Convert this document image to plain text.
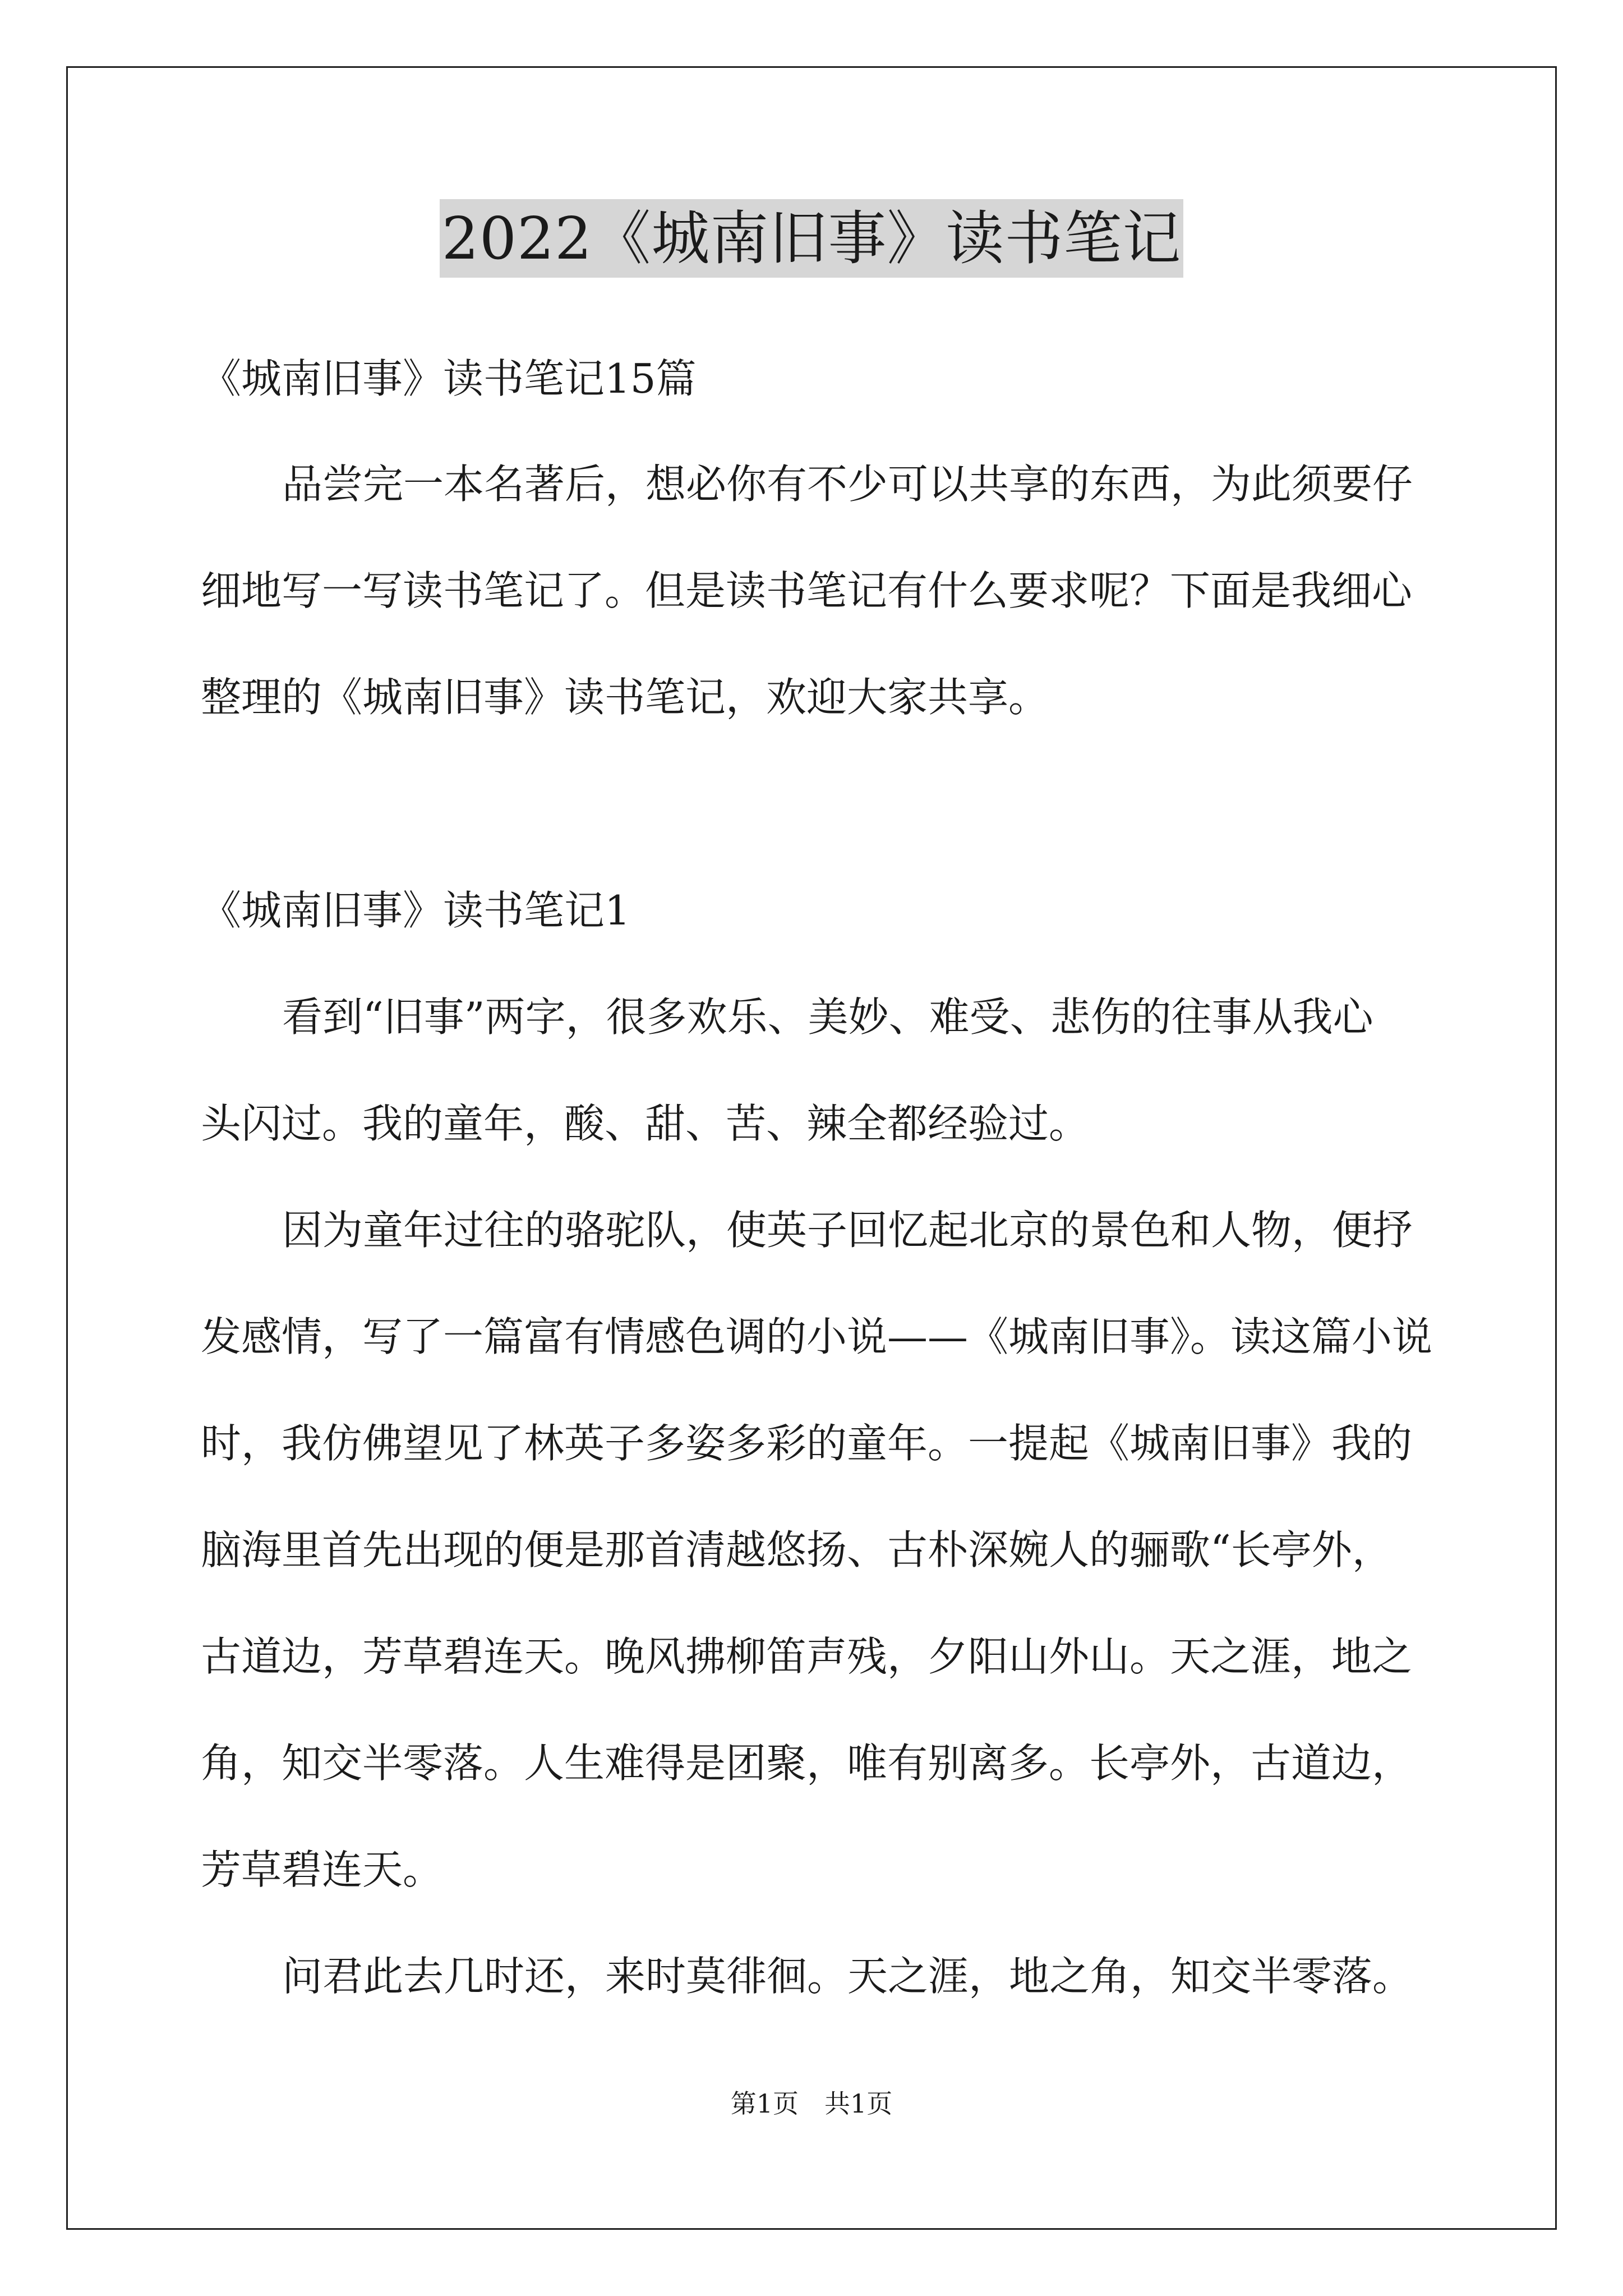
2022《城南旧事》读书笔记

《城南旧事》读书笔记15篇

品尝完一本名著后，想必你有不少可以共享的东西，为此须要仔

细地写一写读书笔记了。但是读书笔记有什么要求呢？下面是我细心

整理的《城南旧事》读书笔记，欢迎大家共享。

《城南旧事》读书笔记1

看到“旧事”两字，很多欢乐、美妙、难受、悲伤的往事从我心

头闪过。我的童年，酸、甜、苦、辣全都经验过。

因为童年过往的骆驼队，使英子回忆起北京的景色和人物，便抒

发感情，写了一篇富有情感色调的小说——《城南旧事》。读这篇小说

时，我仿佛望见了林英子多姿多彩的童年。一提起《城南旧事》我的

脑海里首先出现的便是那首清越悠扬、古朴深婉人的骊歌“长亭外，

古道边，芳草碧连天。晚风拂柳笛声残，夕阳山外山。天之涯，地之

角，知交半零落。人生难得是团聚，唯有别离多。长亭外，古道边，

芳草碧连天。

问君此去几时还，来时莫徘徊。天之涯，地之角，知交半零落。

第1页　共1页
